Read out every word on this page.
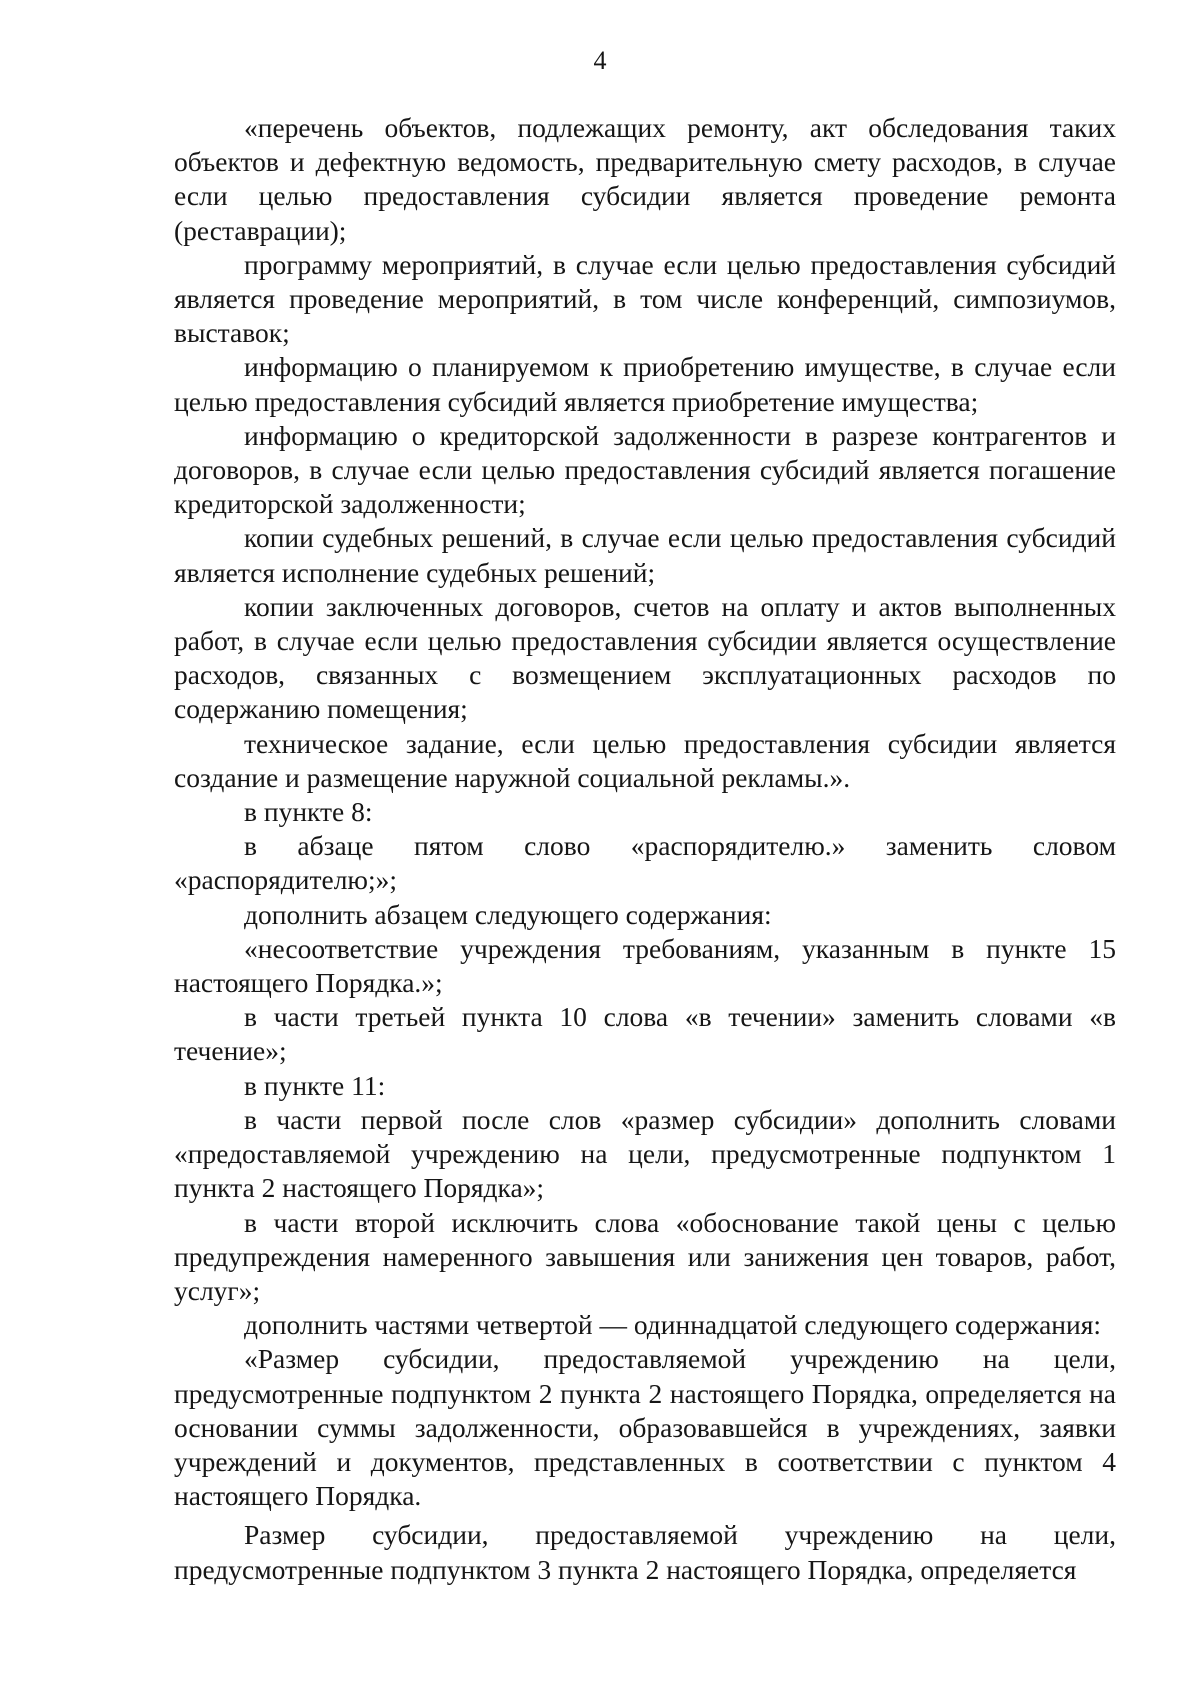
4

«перечень объектов, подлежащих ремонту, акт обследования таких объектов и дефектную ведомость, предварительную смету расходов, в случае если целью предоставления субсидии является проведение ремонта (реставрации);

программу мероприятий, в случае если целью предоставления субсидий является проведение мероприятий, в том числе конференций, симпозиумов, выставок;

информацию о планируемом к приобретению имуществе, в случае если целью предоставления субсидий является приобретение имущества;

информацию о кредиторской задолженности в разрезе контрагентов и договоров, в случае если целью предоставления субсидий является погашение кредиторской задолженности;

копии судебных решений, в случае если целью предоставления субсидий является исполнение судебных решений;

копии заключенных договоров, счетов на оплату и актов выполненных работ, в случае если целью предоставления субсидии является осуществление расходов, связанных с возмещением эксплуатационных расходов по содержанию помещения;

техническое задание, если целью предоставления субсидии является создание и размещение наружной социальной рекламы.».

в пункте 8:

в абзаце пятом слово «распорядителю.» заменить словом «распорядителю;»;

дополнить абзацем следующего содержания:

«несоответствие учреждения требованиям, указанным в пункте 15 настоящего Порядка.»;

в части третьей пункта 10 слова «в течении» заменить словами «в течение»;

в пункте 11:

в части первой после слов «размер субсидии» дополнить словами «предоставляемой учреждению на цели, предусмотренные подпунктом 1 пункта 2 настоящего Порядка»;

в части второй исключить слова «обоснование такой цены с целью предупреждения намеренного завышения или занижения цен товаров, работ, услуг»;

дополнить частями четвертой — одиннадцатой следующего содержания:

«Размер субсидии, предоставляемой учреждению на цели, предусмотренные подпунктом 2 пункта 2 настоящего Порядка, определяется на основании суммы задолженности, образовавшейся в учреждениях, заявки учреждений и документов, представленных в соответствии с пунктом 4 настоящего Порядка.

Размер субсидии, предоставляемой учреждению на цели, предусмотренные подпунктом 3 пункта 2 настоящего Порядка, определяется
